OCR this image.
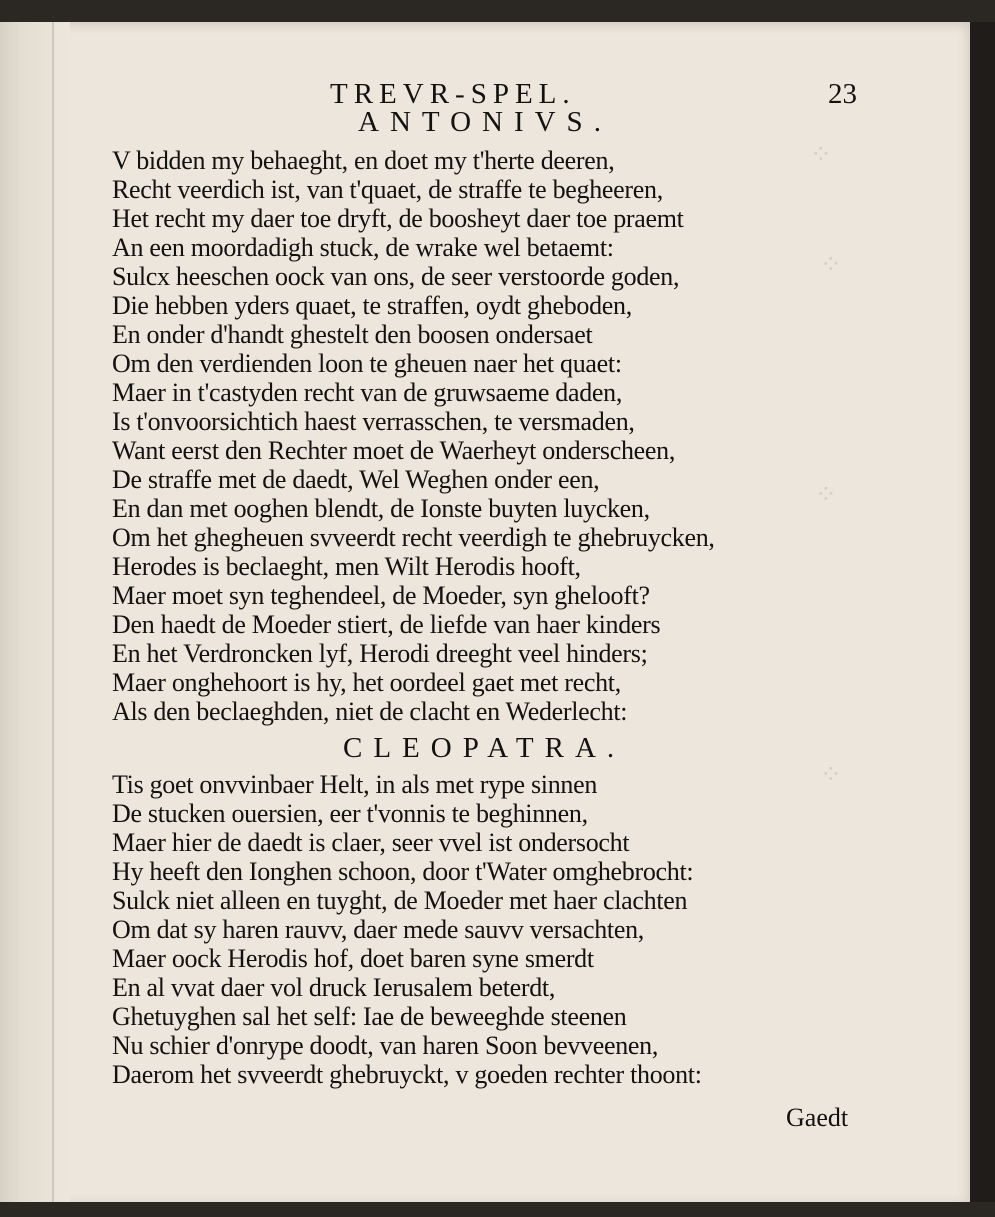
⁘
⁘
⁘
⁘
TREVR-SPEL.	23
ANTONIVS.
V bidden my behaeght, en doet my t'herte deeren,
Recht veerdich ist, van t'quaet, de straffe te begheeren,
Het recht my daer toe dryft, de boosheyt daer toe praemt
An een moordadigh stuck, de wrake wel betaemt:
Sulcx heeschen oock van ons, de seer verstoorde goden,
Die hebben yders quaet, te straffen, oydt gheboden,
En onder d'handt ghestelt den boosen ondersaet
Om den verdienden loon te gheuen naer het quaet:
Maer in t'castyden recht van de gruwsaeme daden,
Is t'onvoorsichtich haest verrasschen, te versmaden,
Want eerst den Rechter moet de Waerheyt onderscheen,
De straffe met de daedt, Wel Weghen onder een,
En dan met ooghen blendt, de Ionste buyten luycken,
Om het ghegheuen svveerdt recht veerdigh te ghebruycken,
Herodes is beclaeght, men Wilt Herodis hooft,
Maer moet syn teghendeel, de Moeder, syn ghelooft?
Den haedt de Moeder stiert, de liefde van haer kinders
En het Verdroncken lyf, Herodi dreeght veel hinders;
Maer onghehoort is hy, het oordeel gaet met recht,
Als den beclaeghden, niet de clacht en Wederlecht:
CLEOPATRA.
Tis goet onvvinbaer Helt, in als met rype sinnen
De stucken ouersien, eer t'vonnis te beghinnen,
Maer hier de daedt is claer, seer vvel ist ondersocht
Hy heeft den Ionghen schoon, door t'Water omghebrocht:
Sulck niet alleen en tuyght, de Moeder met haer clachten
Om dat sy haren rauvv, daer mede sauvv versachten,
Maer oock Herodis hof, doet baren syne smerdt
En al vvat daer vol druck Ierusalem beterdt,
Ghetuyghen sal het self: Iae de beweeghde steenen
Nu schier d'onrype doodt, van haren Soon bevveenen,
Daerom het svveerdt ghebruyckt, v goeden rechter thoont:
Gaedt
